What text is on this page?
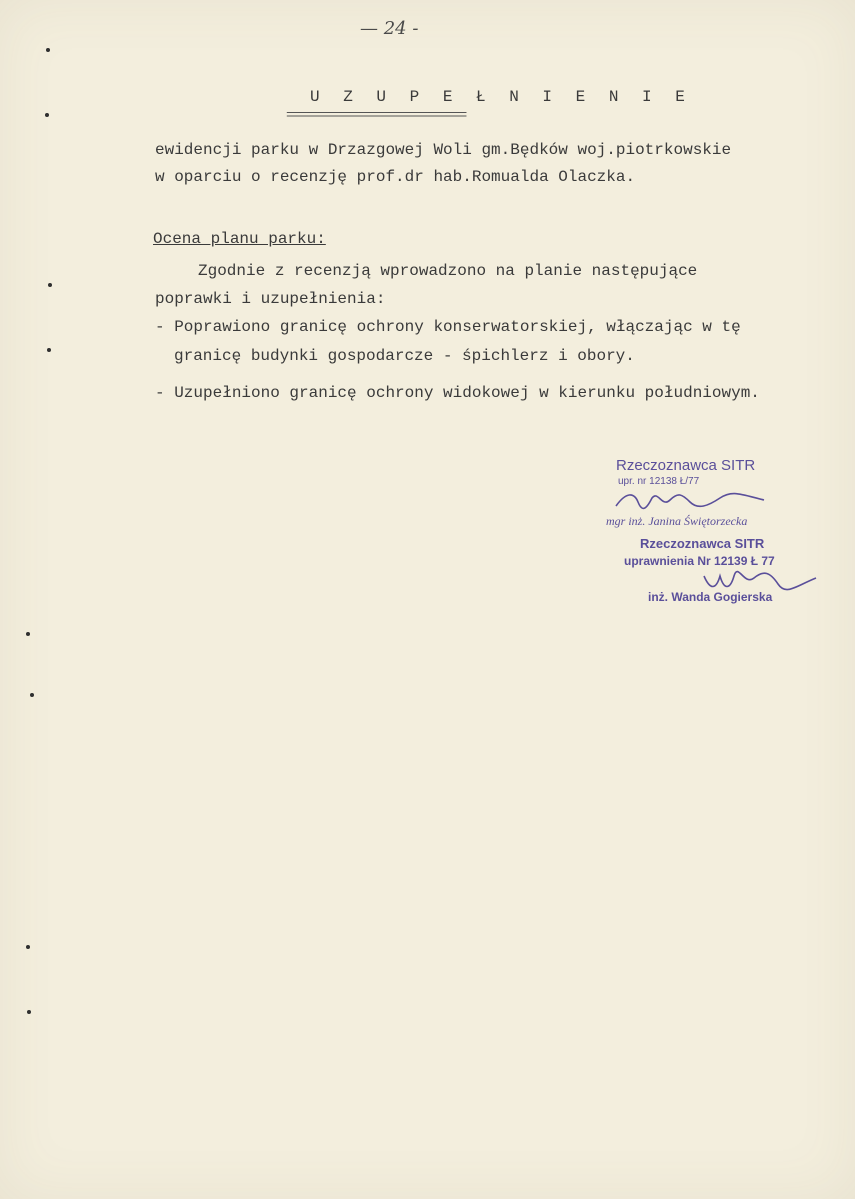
— 24 -
U Z U P E Ł N I E N I E
============================
ewidencji parku w Drzazgowej Woli gm.Będków woj.piotrkowskie
w oparciu o recenzję prof.dr hab.Romualda Olaczka.
Ocena planu parku:
Zgodnie z recenzją wprowadzono na planie następujące
poprawki i uzupełnienia:
- Poprawiono granicę ochrony konserwatorskiej, włączając w tę
granicę budynki gospodarcze - śpichlerz i obory.
- Uzupełniono granicę ochrony widokowej w kierunku południowym.
Rzeczoznawca SITR
upr. nr 12138 Ł/77
mgr inż. Janina Świętorzecka
Rzeczoznawca SITR
uprawnienia Nr 12139 Ł 77
inż. Wanda Gogierska
